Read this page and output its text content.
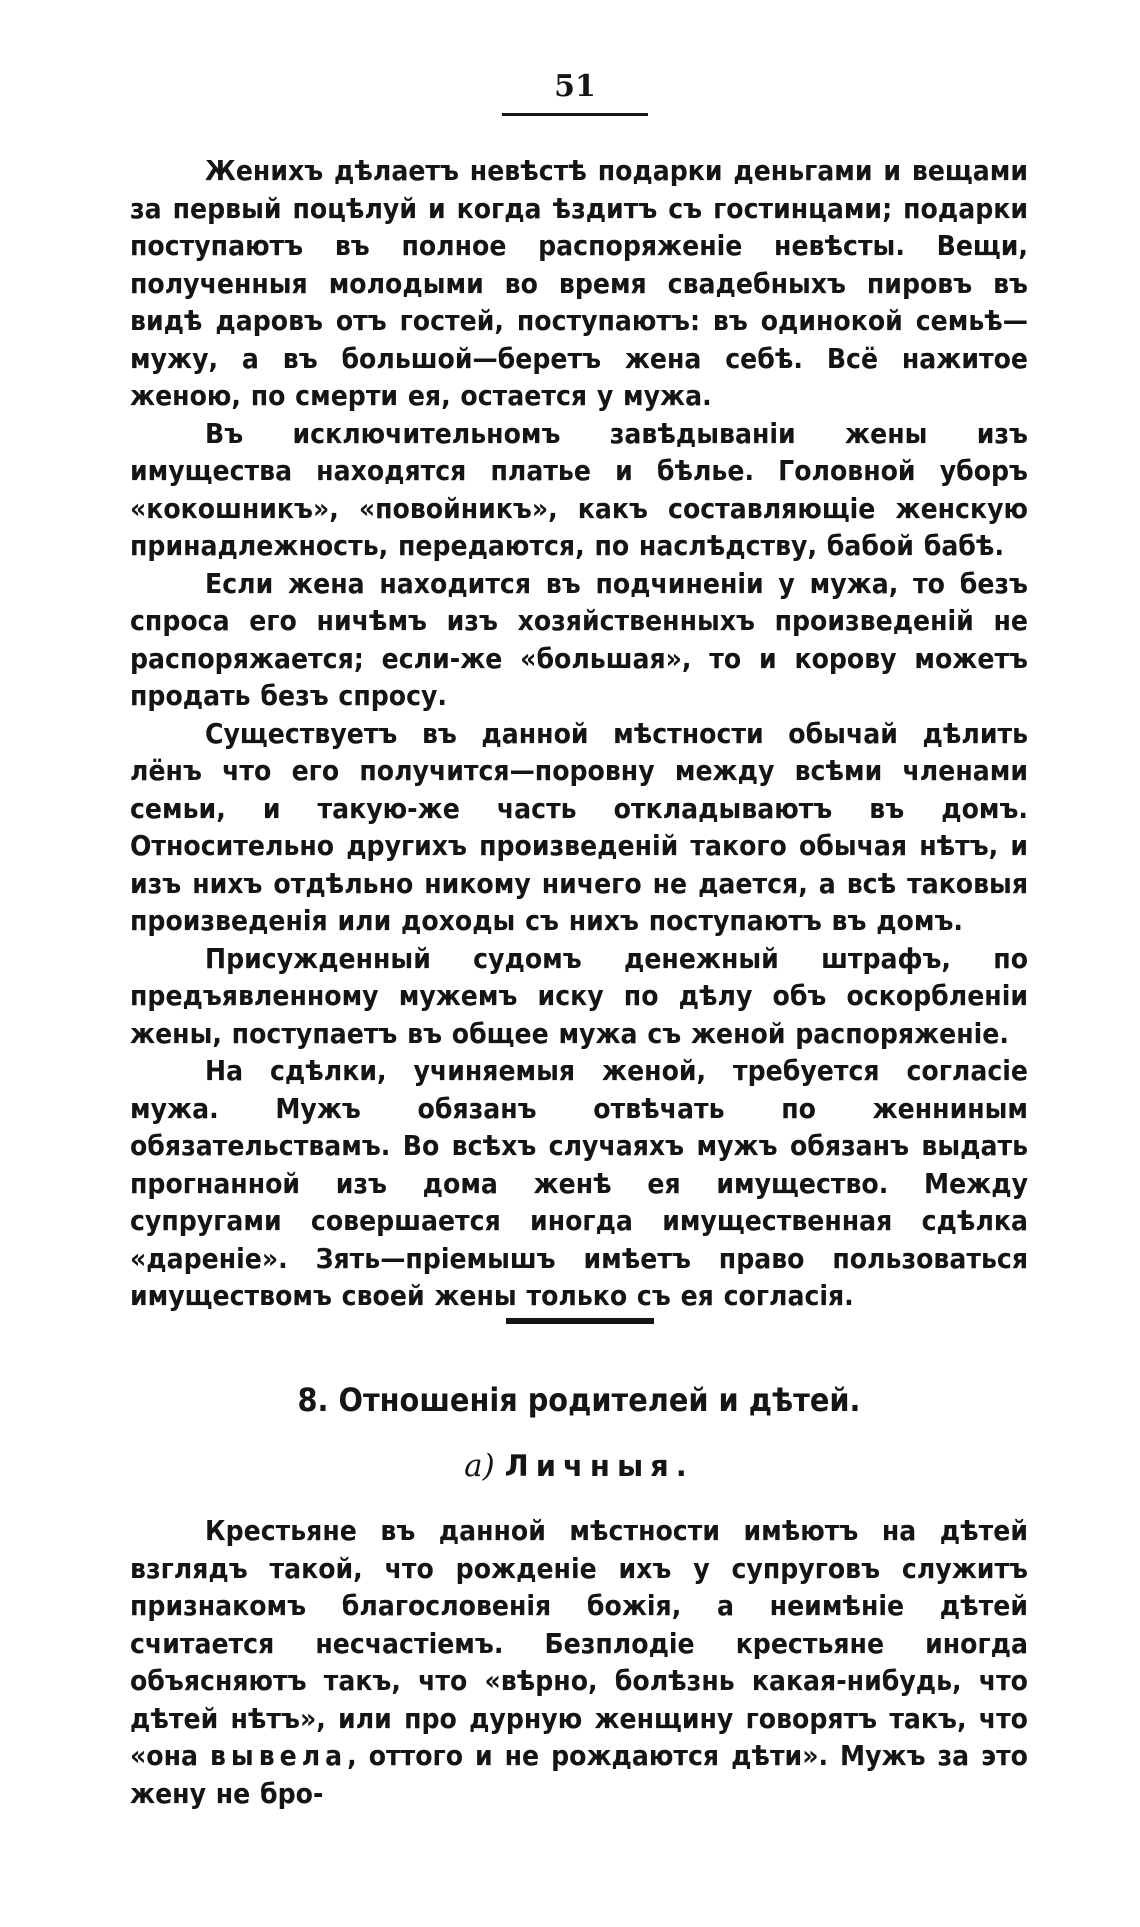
51

Женихъ дѣлаетъ невѣстѣ подарки деньгами и вещами за первый поцѣлуй и когда ѣздитъ съ гостинцами; подарки поступаютъ въ полное распоряженіе невѣсты. Вещи, полученныя молодыми во время свадебныхъ пировъ въ видѣ даровъ отъ гостей, поступаютъ: въ одинокой семьѣ—мужу, а въ большой—беретъ жена себѣ. Всё нажитое женою, по смерти ея, остается у мужа.

Въ исключительномъ завѣдываніи жены изъ имущества находятся платье и бѣлье. Головной уборъ «кокошникъ», «повойникъ», какъ составляющіе женскую принадлежность, передаются, по наслѣдству, бабой бабѣ.

Если жена находится въ подчиненіи у мужа, то безъ спроса его ничѣмъ изъ хозяйственныхъ произведеній не распоряжается; если-же «большая», то и корову можетъ продать безъ спросу.

Существуетъ въ данной мѣстности обычай дѣлить лёнъ что его получится—поровну между всѣми членами семьи, и такую-же часть откладываютъ въ домъ. Относительно другихъ произведеній такого обычая нѣтъ, и изъ нихъ отдѣльно никому ничего не дается, а всѣ таковыя произведенія или доходы съ нихъ поступаютъ въ домъ.

Присужденный судомъ денежный штрафъ, по предъявленному мужемъ иску по дѣлу объ оскорбленіи жены, поступаетъ въ общее мужа съ женой распоряженіе.

На сдѣлки, учиняемыя женой, требуется согласіе мужа. Мужъ обязанъ отвѣчать по женниным обязательствамъ. Во всѣхъ случаяхъ мужъ обязанъ выдать прогнанной изъ дома женѣ ея имущество. Между супругами совершается иногда имущественная сдѣлка «дареніе». Зять—пріемышъ имѣетъ право пользоваться имуществомъ своей жены только съ ея согласія.

8. Отношенія родителей и дѣтей.
а) Личныя.

Крестьяне въ данной мѣстности имѣютъ на дѣтей взглядъ такой, что рожденіе ихъ у супруговъ служитъ признакомъ благословенія божія, а неимѣніе дѣтей считается несчастіемъ. Безплодіе крестьяне иногда объясняютъ такъ, что «вѣрно, болѣзнь какая-нибудь, что дѣтей нѣтъ», или про дурную женщину говорятъ такъ, что «она вывела, оттого и не рождаются дѣти». Мужъ за это жену не бро-
